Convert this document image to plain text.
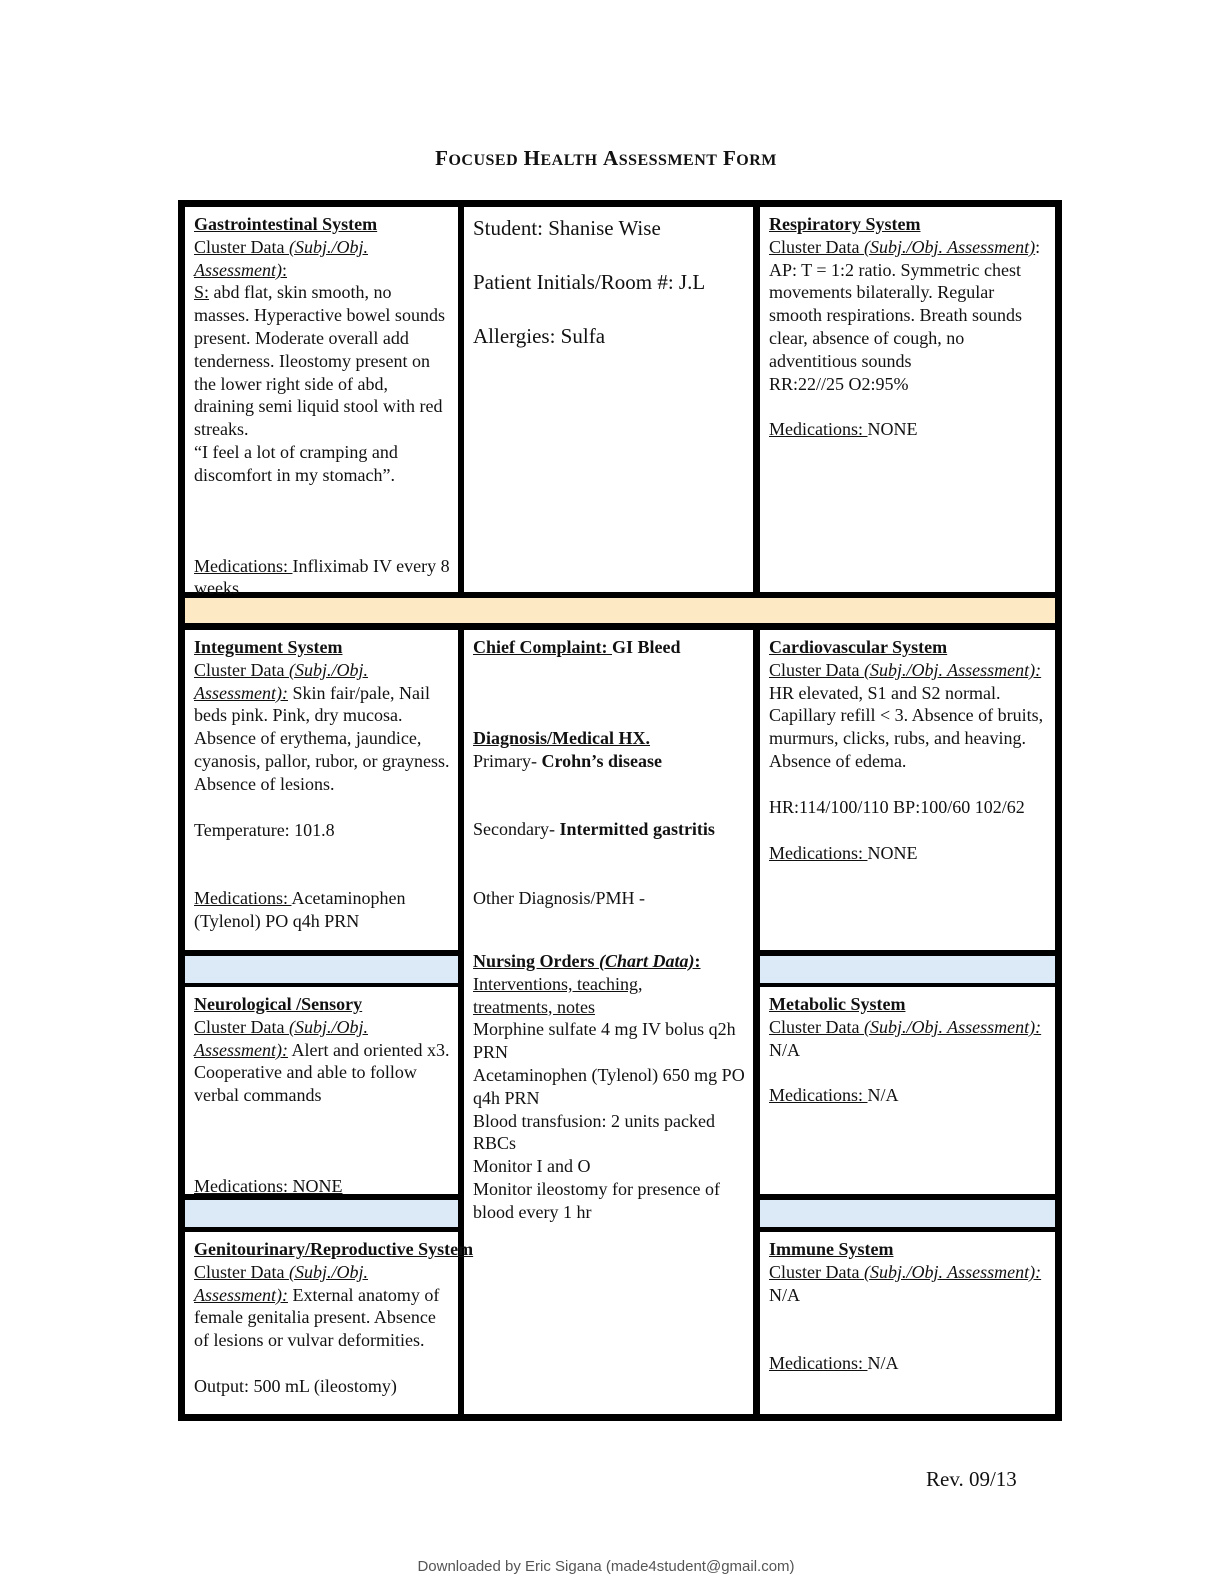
FOCUSED HEALTH ASSESSMENT FORM
Gastrointestinal System
Cluster Data (Subj./Obj. Assessment):
S: abd flat, skin smooth, no masses. Hyperactive bowel sounds present. Moderate overall add tenderness. Ileostomy present on the lower right side of abd, draining semi liquid stool with red streaks.
“I feel a lot of cramping and discomfort in my stomach”.
Medications: Infliximab IV every 8 weeks
Student: Shanise Wise
Patient Initials/Room #: J.L
Allergies: Sulfa
Respiratory System
Cluster Data (Subj./Obj. Assessment): AP: T = 1:2 ratio. Symmetric chest movements bilaterally. Regular smooth respirations. Breath sounds clear, absence of cough, no adventitious sounds
RR:22//25 O2:95%
Medications: NONE
Integument System
Cluster Data (Subj./Obj. Assessment): Skin fair/pale, Nail beds pink. Pink, dry mucosa. Absence of erythema, jaundice, cyanosis, pallor, rubor, or grayness. Absence of lesions.
Temperature: 101.8
Medications: Acetaminophen (Tylenol) PO q4h PRN
Chief Complaint: GI Bleed
Diagnosis/Medical HX.
Primary- Crohn’s disease
Secondary- Intermitted gastritis
Other Diagnosis/PMH -
Nursing Orders (Chart Data):
Interventions, teaching, treatments, notes
Morphine sulfate 4 mg IV bolus q2h PRN
Acetaminophen (Tylenol) 650 mg PO q4h PRN
Blood transfusion: 2 units packed RBCs
Monitor I and O
Monitor ileostomy for presence of blood every 1 hr
Cardiovascular System
Cluster Data (Subj./Obj. Assessment): HR elevated, S1 and S2 normal. Capillary refill < 3. Absence of bruits, murmurs, clicks, rubs, and heaving. Absence of edema.
HR:114/100/110 BP:100/60 102/62
Medications: NONE
Neurological /Sensory
Cluster Data (Subj./Obj. Assessment): Alert and oriented x3. Cooperative and able to follow verbal commands
Medications: NONE
Metabolic System
Cluster Data (Subj./Obj. Assessment):
N/A
Medications: N/A
Cluster Data (Subj./Obj. Assessment): External anatomy of female genitalia present. Absence of lesions or vulvar deformities.
Output: 500 mL (ileostomy)
Immune System
Cluster Data (Subj./Obj. Assessment):
N/A
Medications: N/A
Genitourinary/Reproductive System
Rev. 09/13
Downloaded by Eric Sigana (made4student@gmail.com)
